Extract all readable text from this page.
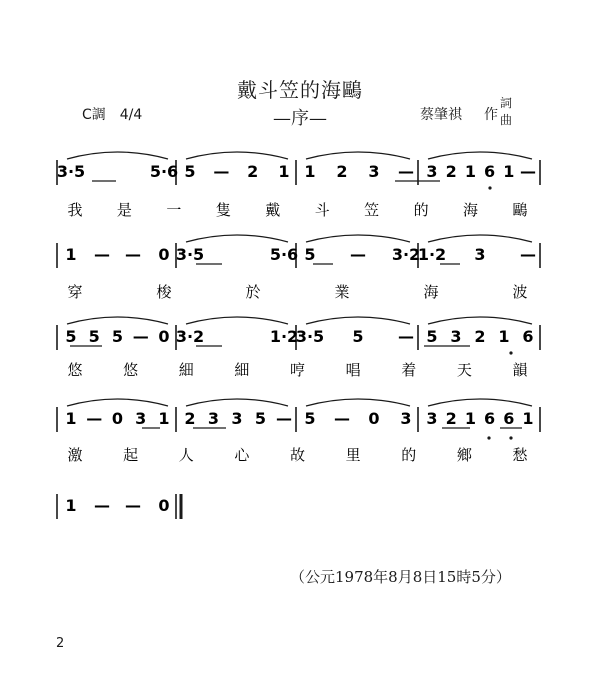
戴斗笠的海鷗
—序—
C調　4/4	蔡肇祺 作
詞曲
3·5	5·6 5 — 2 1 1 2 3 — 3 2 1 6 1 —
我 是 一 隻 戴 斗 笠 的 海 鷗
1 — — 0 3·5	5·6 5 — 3·2
1·2 3 —
穿	梭	於	業	海	波
5 5 5 — 0 3·2	1·2
3·5 5 — 5 3 2 1 6
悠	悠	細	細	哼	唱	着	天	韻
1 — 0 3 1 2 3 3 5 — 5 — 0 3 3 2 1 6 6 1
激	起	人	心	故	里	的	鄉	愁
1 — — 0
（公元1978年8月8日15時5分）
2
